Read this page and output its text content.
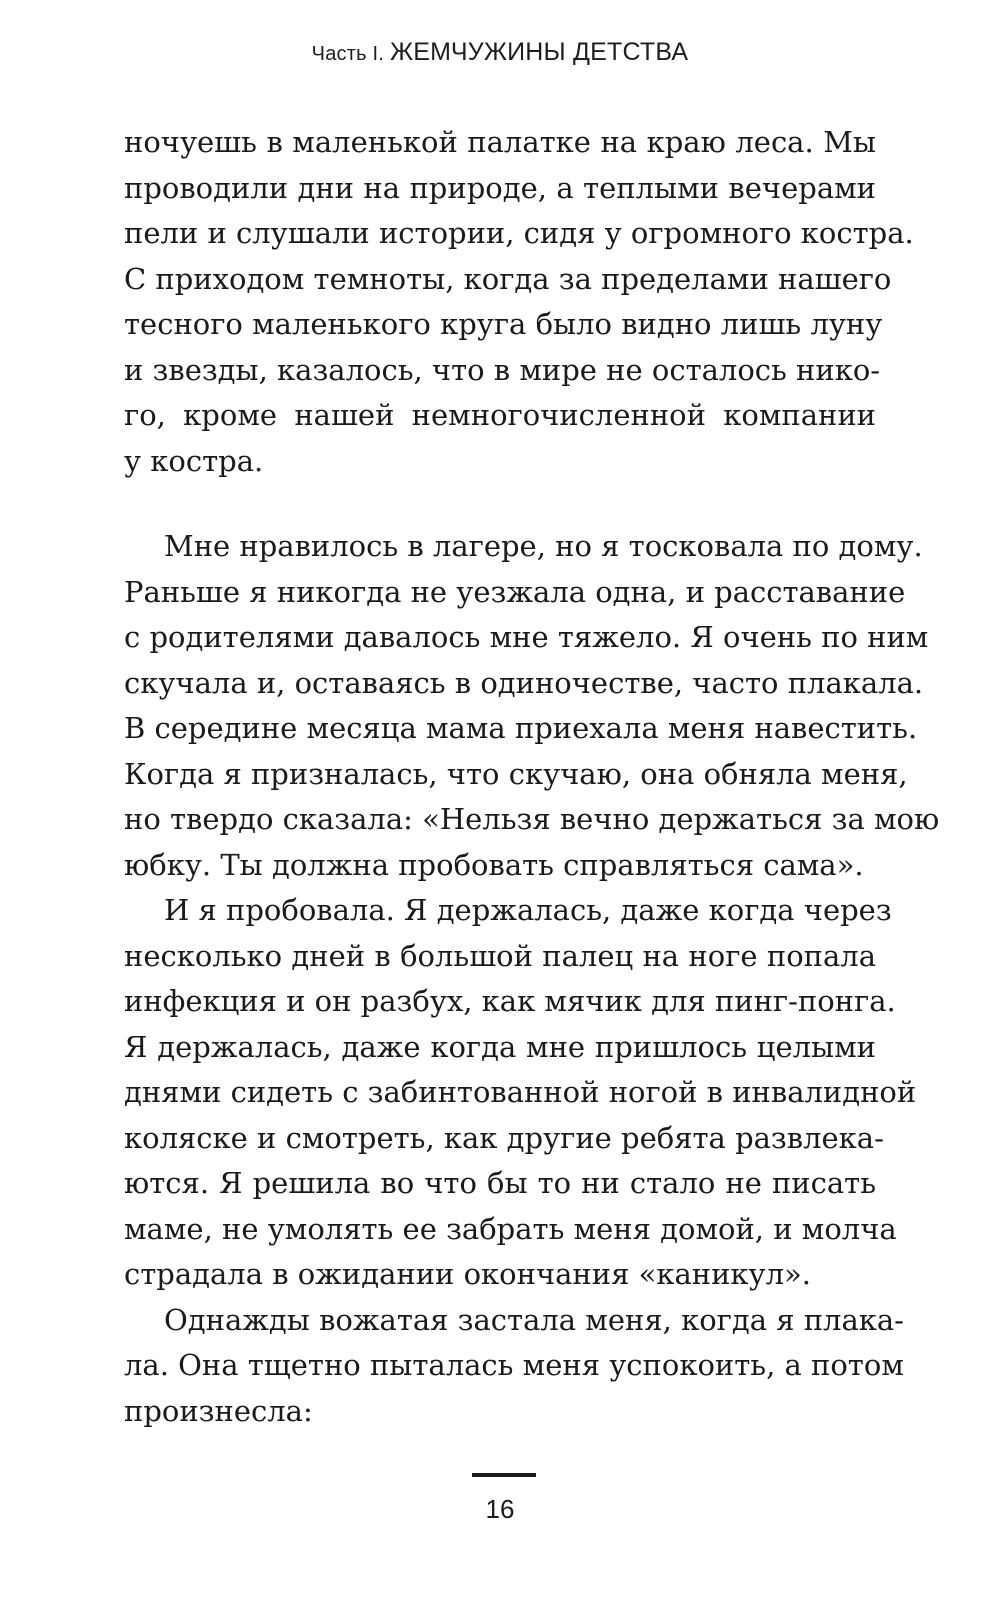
Часть I. ЖЕМЧУЖИНЫ ДЕТСТВА
ночуешь в маленькой палатке на краю леса. Мы
проводили дни на природе, а теплыми вечерами
пели и слушали истории, сидя у огромного костра.
С приходом темноты, когда за пределами нашего
тесного маленького круга было видно лишь луну
и звезды, казалось, что в мире не осталось нико-
го, кроме нашей немногочисленной компании
у костра.
Мне нравилось в лагере, но я тосковала по дому.
Раньше я никогда не уезжала одна, и расставание
с родителями давалось мне тяжело. Я очень по ним
скучала и, оставаясь в одиночестве, часто плакала.
В середине месяца мама приехала меня навестить.
Когда я призналась, что скучаю, она обняла меня,
но твердо сказала: «Нельзя вечно держаться за мою
юбку. Ты должна пробовать справляться сама».
И я пробовала. Я держалась, даже когда через
несколько дней в большой палец на ноге попала
инфекция и он разбух, как мячик для пинг-понга.
Я держалась, даже когда мне пришлось целыми
днями сидеть с забинтованной ногой в инвалидной
коляске и смотреть, как другие ребята развлека-
ются. Я решила во что бы то ни стало не писать
маме, не умолять ее забрать меня домой, и молча
страдала в ожидании окончания «каникул».
Однажды вожатая застала меня, когда я плака-
ла. Она тщетно пыталась меня успокоить, а потом
произнесла:
16
